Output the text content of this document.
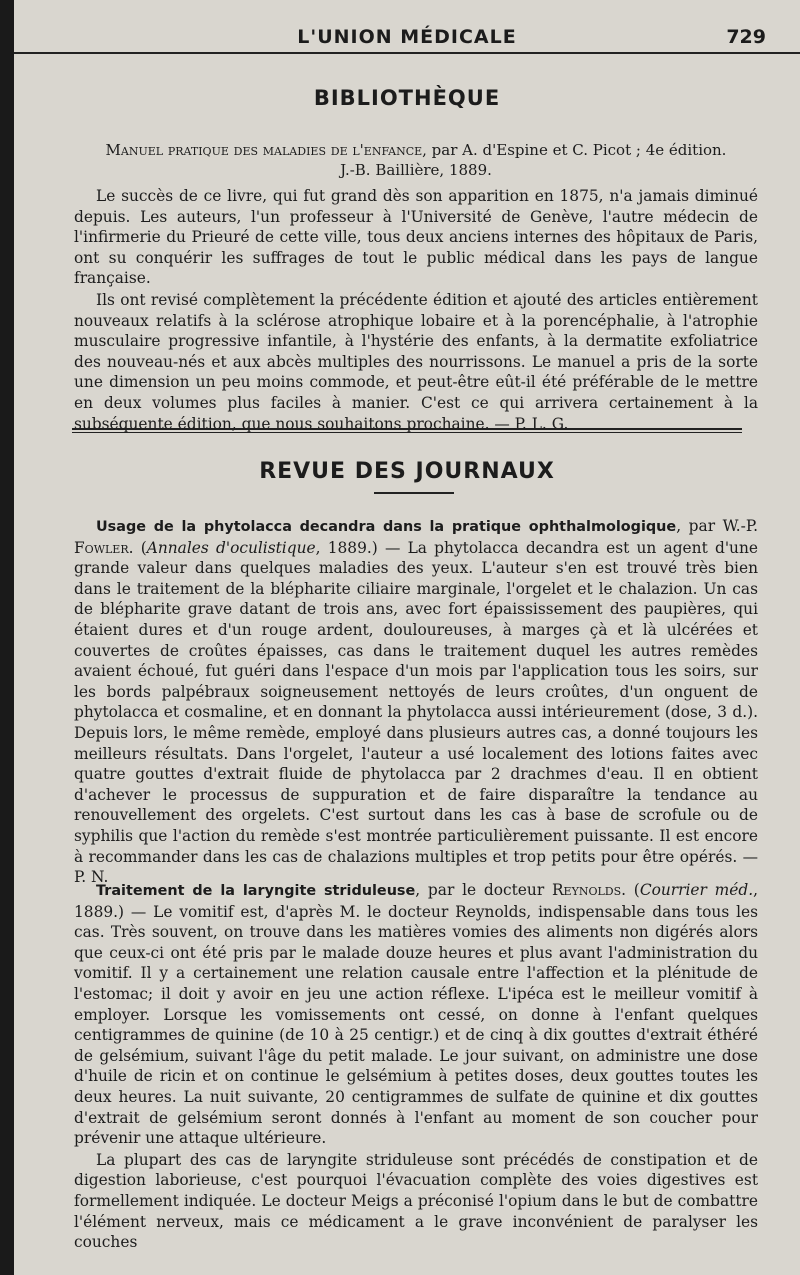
L'UNION MÉDICALE	729
BIBLIOTHÈQUE
Manuel pratique des maladies de l'enfance, par A. d'Espine et C. Picot ; 4e édition.
J.-B. Baillière, 1889.

Le succès de ce livre, qui fut grand dès son apparition en 1875, n'a jamais diminué depuis. Les auteurs, l'un professeur à l'Université de Genève, l'autre médecin de l'infirmerie du Prieuré de cette ville, tous deux anciens internes des hôpitaux de Paris, ont su conquérir les suffrages de tout le public médical dans les pays de langue française.

Ils ont revisé complètement la précédente édition et ajouté des articles entièrement nouveaux relatifs à la sclérose atrophique lobaire et à la porencéphalie, à l'atrophie musculaire progressive infantile, à l'hystérie des enfants, à la dermatite exfoliatrice des nouveau-nés et aux abcès multiples des nourrissons. Le manuel a pris de la sorte une dimension un peu moins commode, et peut-être eût-il été préférable de le mettre en deux volumes plus faciles à manier. C'est ce qui arrivera certainement à la subséquente édition, que nous souhaitons prochaine. — P. L. G.

REVUE DES JOURNAUX

Usage de la phytolacca decandra dans la pratique ophthalmologique, par W.-P. Fowler. (Annales d'oculistique, 1889.) — La phytolacca decandra est un agent d'une grande valeur dans quelques maladies des yeux. L'auteur s'en est trouvé très bien dans le traitement de la blépharite ciliaire marginale, l'orgelet et le chalazion. Un cas de blépharite grave datant de trois ans, avec fort épaississement des paupières, qui étaient dures et d'un rouge ardent, douloureuses, à marges çà et là ulcérées et couvertes de croûtes épaisses, cas dans le traitement duquel les autres remèdes avaient échoué, fut guéri dans l'espace d'un mois par l'application tous les soirs, sur les bords palpébraux soigneusement nettoyés de leurs croûtes, d'un onguent de phytolacca et cosmaline, et en donnant la phytolacca aussi intérieurement (dose, 3 d.). Depuis lors, le même remède, employé dans plusieurs autres cas, a donné toujours les meilleurs résultats. Dans l'orgelet, l'auteur a usé localement des lotions faites avec quatre gouttes d'extrait fluide de phytolacca par 2 drachmes d'eau. Il en obtient d'achever le processus de suppuration et de faire disparaître la tendance au renouvellement des orgelets. C'est surtout dans les cas à base de scrofule ou de syphilis que l'action du remède s'est montrée particulièrement puissante. Il est encore à recommander dans les cas de chalazions multiples et trop petits pour être opérés. — P. N.

Traitement de la laryngite striduleuse, par le docteur Reynolds. (Courrier méd., 1889.) — Le vomitif est, d'après M. le docteur Reynolds, indispensable dans tous les cas. Très souvent, on trouve dans les matières vomies des aliments non digérés alors que ceux-ci ont été pris par le malade douze heures et plus avant l'administration du vomitif. Il y a certainement une relation causale entre l'affection et la plénitude de l'estomac; il doit y avoir en jeu une action réflexe. L'ipéca est le meilleur vomitif à employer. Lorsque les vomissements ont cessé, on donne à l'enfant quelques centigrammes de quinine (de 10 à 25 centigr.) et de cinq à dix gouttes d'extrait éthéré de gelsémium, suivant l'âge du petit malade. Le jour suivant, on administre une dose d'huile de ricin et on continue le gelsémium à petites doses, deux gouttes toutes les deux heures. La nuit suivante, 20 centigrammes de sulfate de quinine et dix gouttes d'extrait de gelsémium seront donnés à l'enfant au moment de son coucher pour prévenir une attaque ultérieure.

La plupart des cas de laryngite striduleuse sont précédés de constipation et de digestion laborieuse, c'est pourquoi l'évacuation complète des voies digestives est formellement indiquée. Le docteur Meigs a préconisé l'opium dans le but de combattre l'élément nerveux, mais ce médicament a le grave inconvénient de paralyser les couches
